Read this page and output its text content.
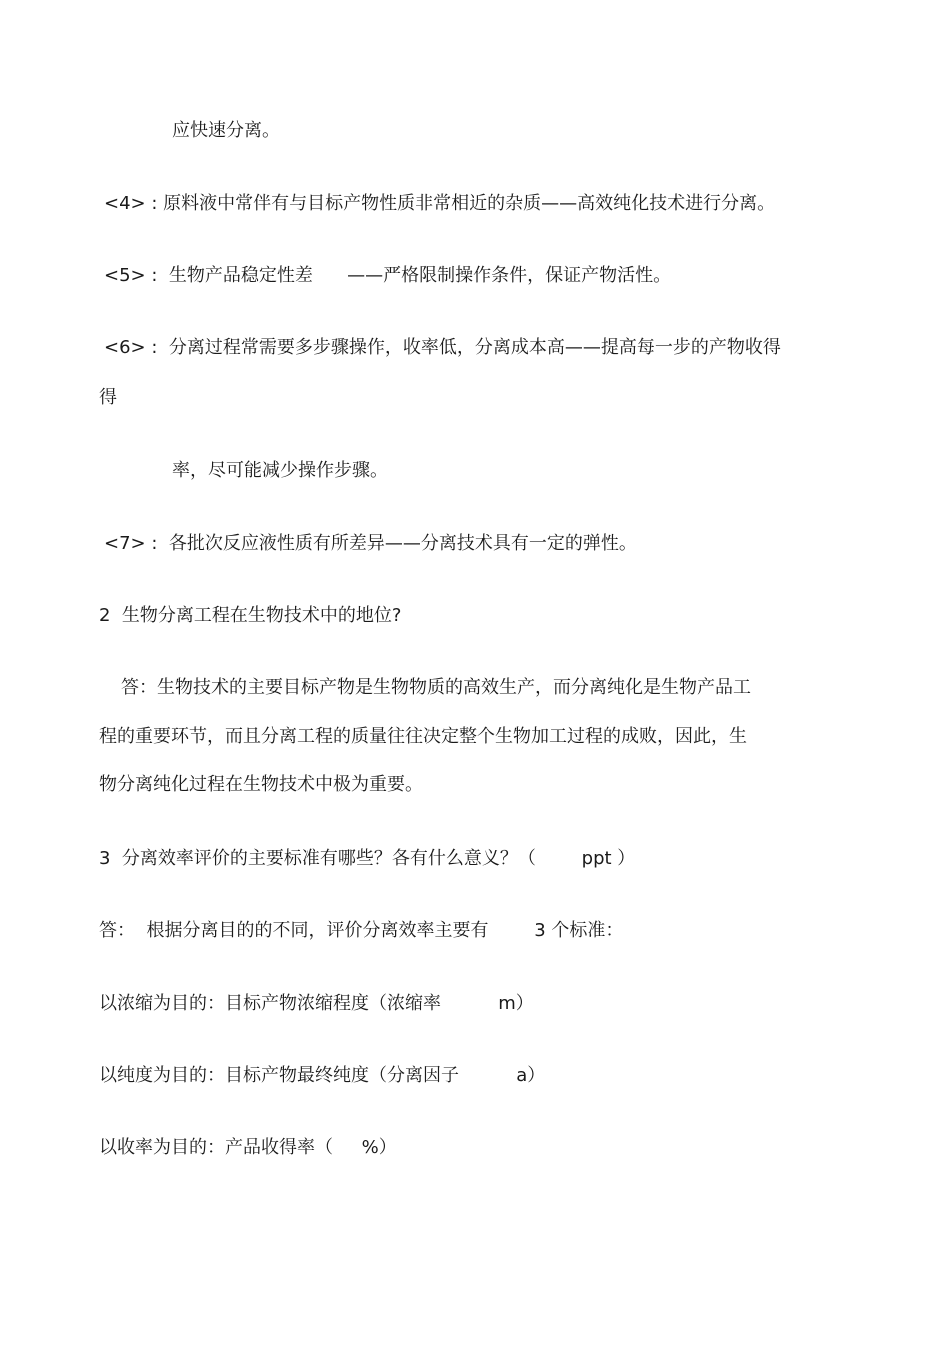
应快速分离。
<4> : 原料液中常伴有与目标产物性质非常相近的杂质——高效纯化技术进行分离。
<5> :  生物产品稳定性差      ——严格限制操作条件，保证产物活性。
<6> :  分离过程常需要多步骤操作，收率低，分离成本高——提高每一步的产物收得
得
率，尽可能减少操作步骤。
<7> :  各批次反应液性质有所差异——分离技术具有一定的弹性。
2  生物分离工程在生物技术中的地位?
答：生物技术的主要目标产物是生物物质的高效生产，而分离纯化是生物产品工
程的重要环节，而且分离工程的质量往往决定整个生物加工过程的成败，因此，生
物分离纯化过程在生物技术中极为重要。
3  分离效率评价的主要标准有哪些？各有什么意义？（        ppt ）
答：  根据分离目的的不同，评价分离效率主要有        3 个标准：
以浓缩为目的：目标产物浓缩程度（浓缩率          m）
以纯度为目的：目标产物最终纯度（分离因子          a）
以收率为目的：产品收得率（     %）
